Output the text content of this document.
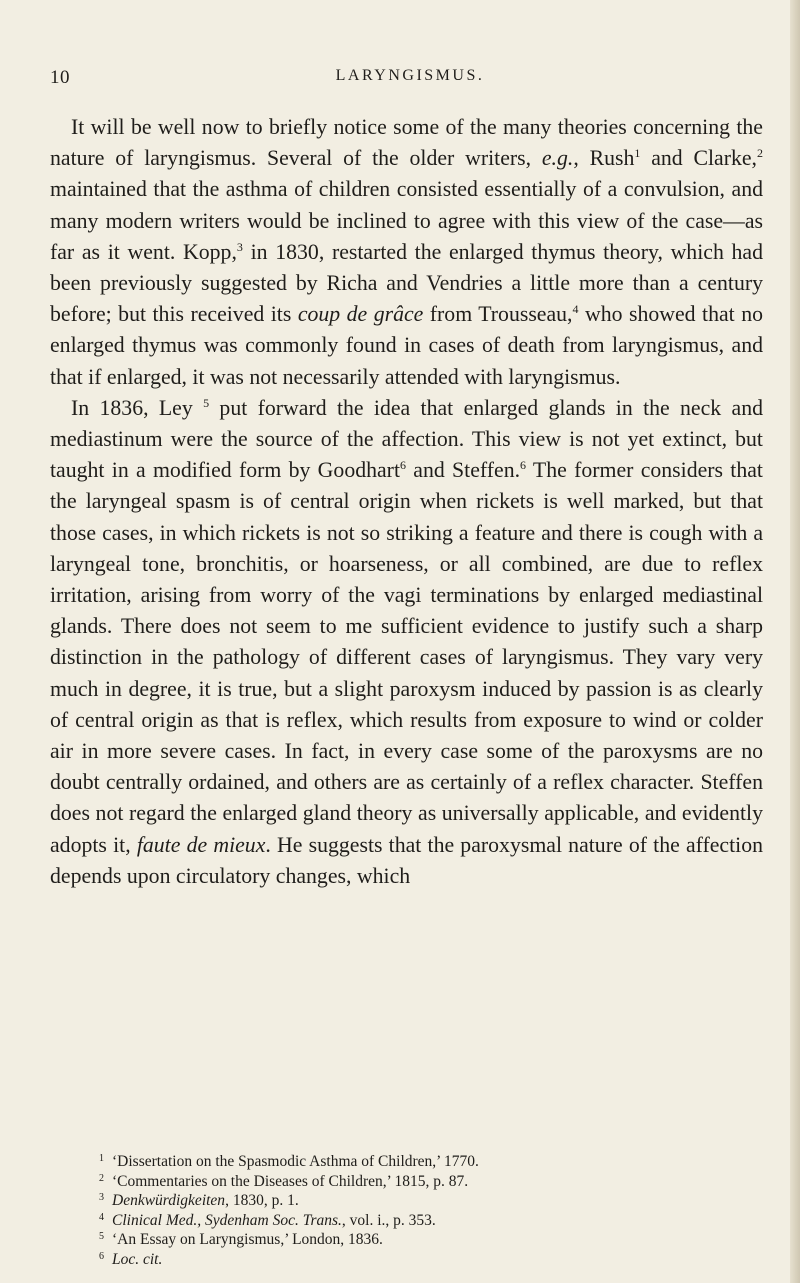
10	LARYNGISMUS.

It will be well now to briefly notice some of the many theories concerning the nature of laryngismus. Several of the older writers, e.g., Rush$^1$ and Clarke,$^2$ maintained that the asthma of children consisted essentially of a convulsion, and many modern writers would be inclined to agree with this view of the case—as far as it went. Kopp,$^3$ in 1830, restarted the enlarged thymus theory, which had been previously suggested by Richa and Vendries a little more than a century before; but this received its coup de grâce from Trousseau,$^4$ who showed that no enlarged thymus was commonly found in cases of death from laryngismus, and that if enlarged, it was not necessarily attended with laryngismus.

In 1836, Ley $^5$ put forward the idea that enlarged glands in the neck and mediastinum were the source of the affection. This view is not yet extinct, but taught in a modified form by Goodhart$^6$ and Steffen.$^6$ The former considers that the laryngeal spasm is of central origin when rickets is well marked, but that those cases, in which rickets is not so striking a feature and there is cough with a laryngeal tone, bronchitis, or hoarseness, or all combined, are due to reflex irritation, arising from worry of the vagi terminations by enlarged mediastinal glands. There does not seem to me sufficient evidence to justify such a sharp distinction in the pathology of different cases of laryngismus. They vary very much in degree, it is true, but a slight paroxysm induced by passion is as clearly of central origin as that is reflex, which results from exposure to wind or colder air in more severe cases. In fact, in every case some of the paroxysms are no doubt centrally ordained, and others are as certainly of a reflex character. Steffen does not regard the enlarged gland theory as universally applicable, and evidently adopts it, faute de mieux. He suggests that the paroxysmal nature of the affection depends upon circulatory changes, which

1 ‘Dissertation on the Spasmodic Asthma of Children,’ 1770.
2 ‘Commentaries on the Diseases of Children,’ 1815, p. 87.
3 Denkwürdigkeiten, 1830, p. 1.
4 Clinical Med., Sydenham Soc. Trans., vol. i., p. 353.
5 ‘An Essay on Laryngismus,’ London, 1836.
6 Loc. cit.
